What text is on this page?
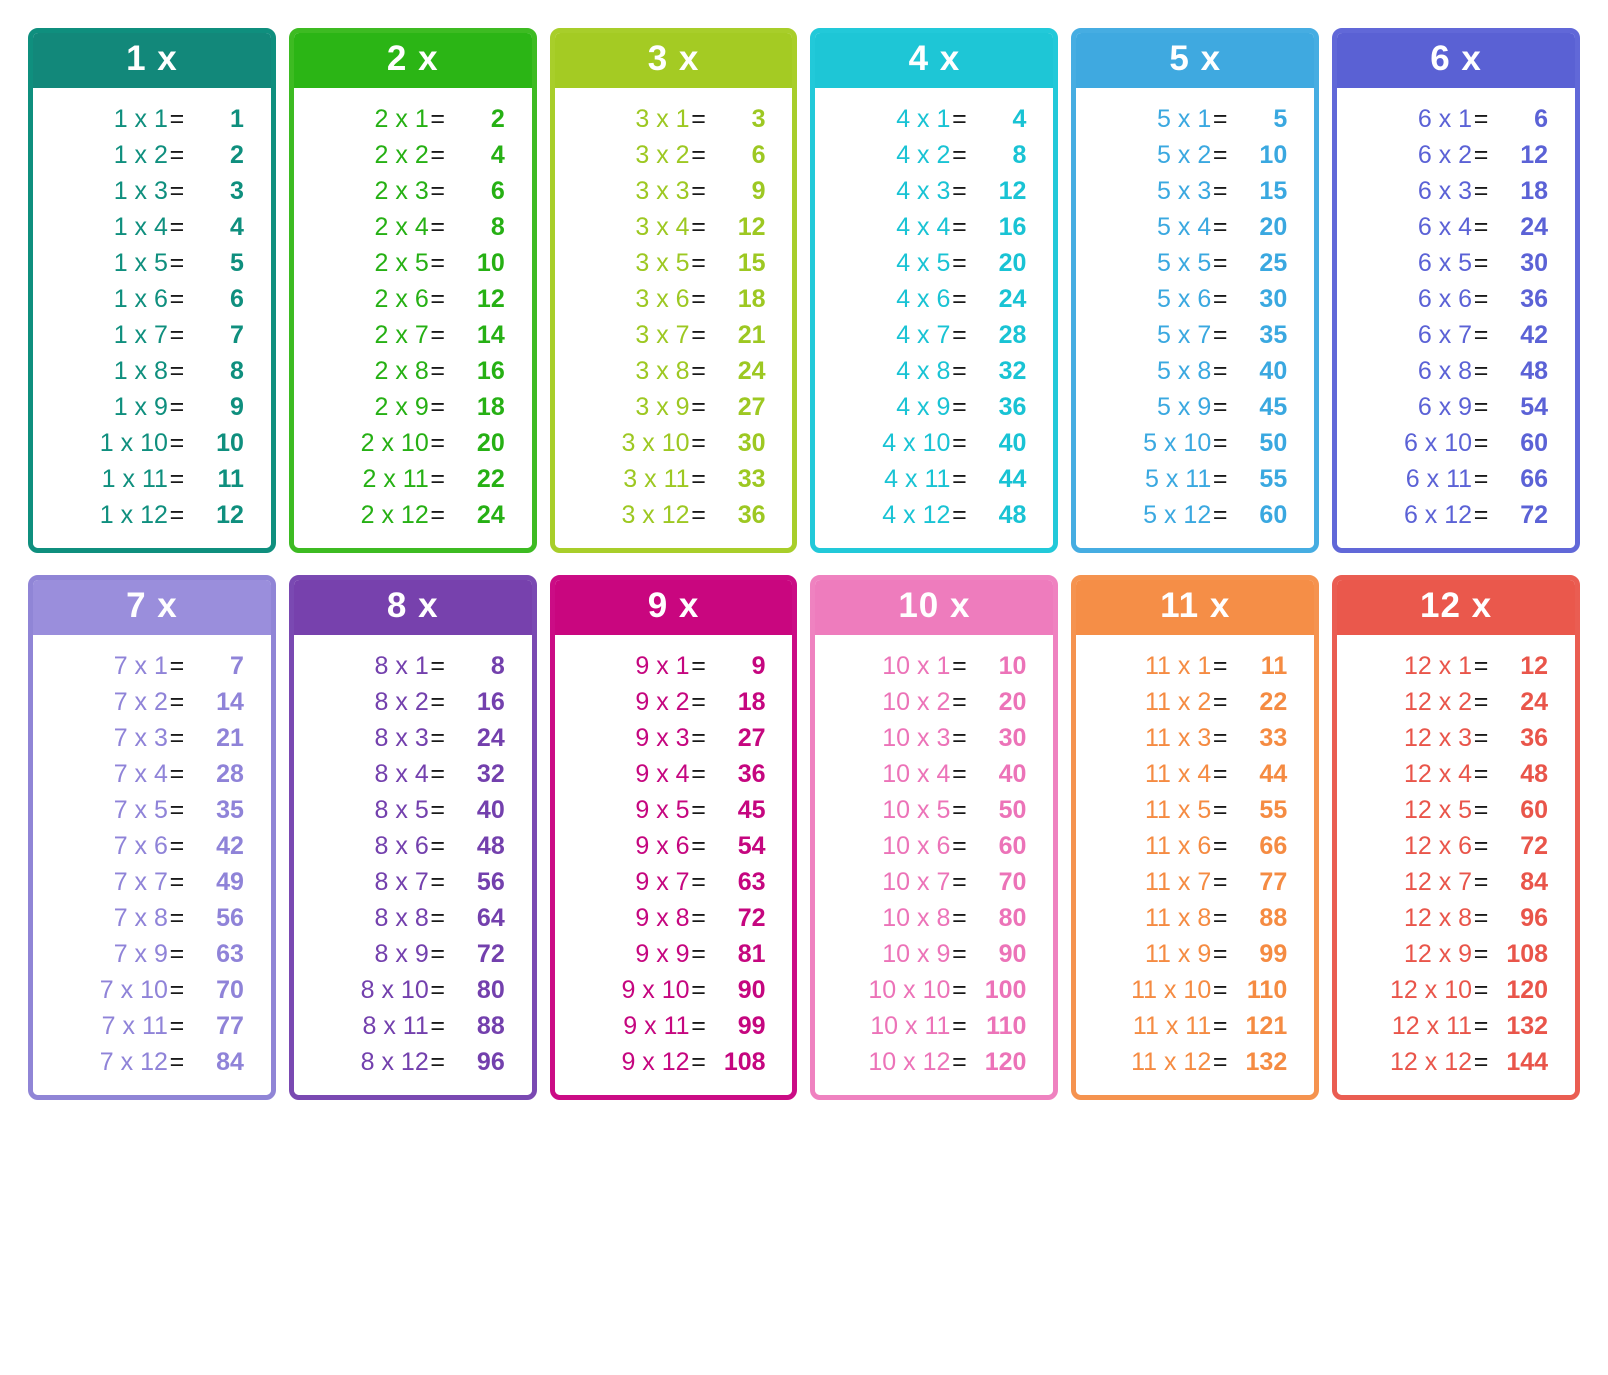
1 x
1 x 1 =	1
1 x 2 =	2
1 x 3 =	3
1 x 4 =	4
1 x 5 =	5
1 x 6 =	6
1 x 7 =	7
1 x 8 =	8
1 x 9 =	9
1 x 10 =	10
1 x 11 =	11
1 x 12 =	12
2 x
2 x 1 =	2
2 x 2 =	4
2 x 3 =	6
2 x 4 =	8
2 x 5 =	10
2 x 6 =	12
2 x 7 =	14
2 x 8 =	16
2 x 9 =	18
2 x 10 =	20
2 x 11 =	22
2 x 12 =	24
3 x
3 x 1 =	3
3 x 2 =	6
3 x 3 =	9
3 x 4 =	12
3 x 5 =	15
3 x 6 =	18
3 x 7 =	21
3 x 8 =	24
3 x 9 =	27
3 x 10 =	30
3 x 11 =	33
3 x 12 =	36
4 x
4 x 1 =	4
4 x 2 =	8
4 x 3 =	12
4 x 4 =	16
4 x 5 =	20
4 x 6 =	24
4 x 7 =	28
4 x 8 =	32
4 x 9 =	36
4 x 10 =	40
4 x 11 =	44
4 x 12 =	48
5 x
5 x 1 =	5
5 x 2 =	10
5 x 3 =	15
5 x 4 =	20
5 x 5 =	25
5 x 6 =	30
5 x 7 =	35
5 x 8 =	40
5 x 9 =	45
5 x 10 =	50
5 x 11 =	55
5 x 12 =	60
6 x
6 x 1 =	6
6 x 2 =	12
6 x 3 =	18
6 x 4 =	24
6 x 5 =	30
6 x 6 =	36
6 x 7 =	42
6 x 8 =	48
6 x 9 =	54
6 x 10 =	60
6 x 11 =	66
6 x 12 =	72
7 x
7 x 1 =	7
7 x 2 =	14
7 x 3 =	21
7 x 4 =	28
7 x 5 =	35
7 x 6 =	42
7 x 7 =	49
7 x 8 =	56
7 x 9 =	63
7 x 10 =	70
7 x 11 =	77
7 x 12 =	84
8 x
8 x 1 =	8
8 x 2 =	16
8 x 3 =	24
8 x 4 =	32
8 x 5 =	40
8 x 6 =	48
8 x 7 =	56
8 x 8 =	64
8 x 9 =	72
8 x 10 =	80
8 x 11 =	88
8 x 12 =	96
9 x
9 x 1 =	9
9 x 2 =	18
9 x 3 =	27
9 x 4 =	36
9 x 5 =	45
9 x 6 =	54
9 x 7 =	63
9 x 8 =	72
9 x 9 =	81
9 x 10 =	90
9 x 11 =	99
9 x 12 = 108
10 x
10 x 1 =	10
10 x 2 =	20
10 x 3 =	30
10 x 4 =	40
10 x 5 =	50
10 x 6 =	60
10 x 7 =	70
10 x 8 =	80
10 x 9 =	90
10 x 10 = 100
10 x 11 = 110
10 x 12 = 120
11 x
11 x 1 =	11
11 x 2 =	22
11 x 3 =	33
11 x 4 =	44
11 x 5 =	55
11 x 6 =	66
11 x 7 =	77
11 x 8 =	88
11 x 9 =	99
11 x 10 = 110
11 x 11 = 121
11 x 12 = 132
12 x
12 x 1 =	12
12 x 2 =	24
12 x 3 =	36
12 x 4 =	48
12 x 5 =	60
12 x 6 =	72
12 x 7 =	84
12 x 8 =	96
12 x 9 = 108
12 x 10 = 120
12 x 11 = 132
12 x 12 = 144
